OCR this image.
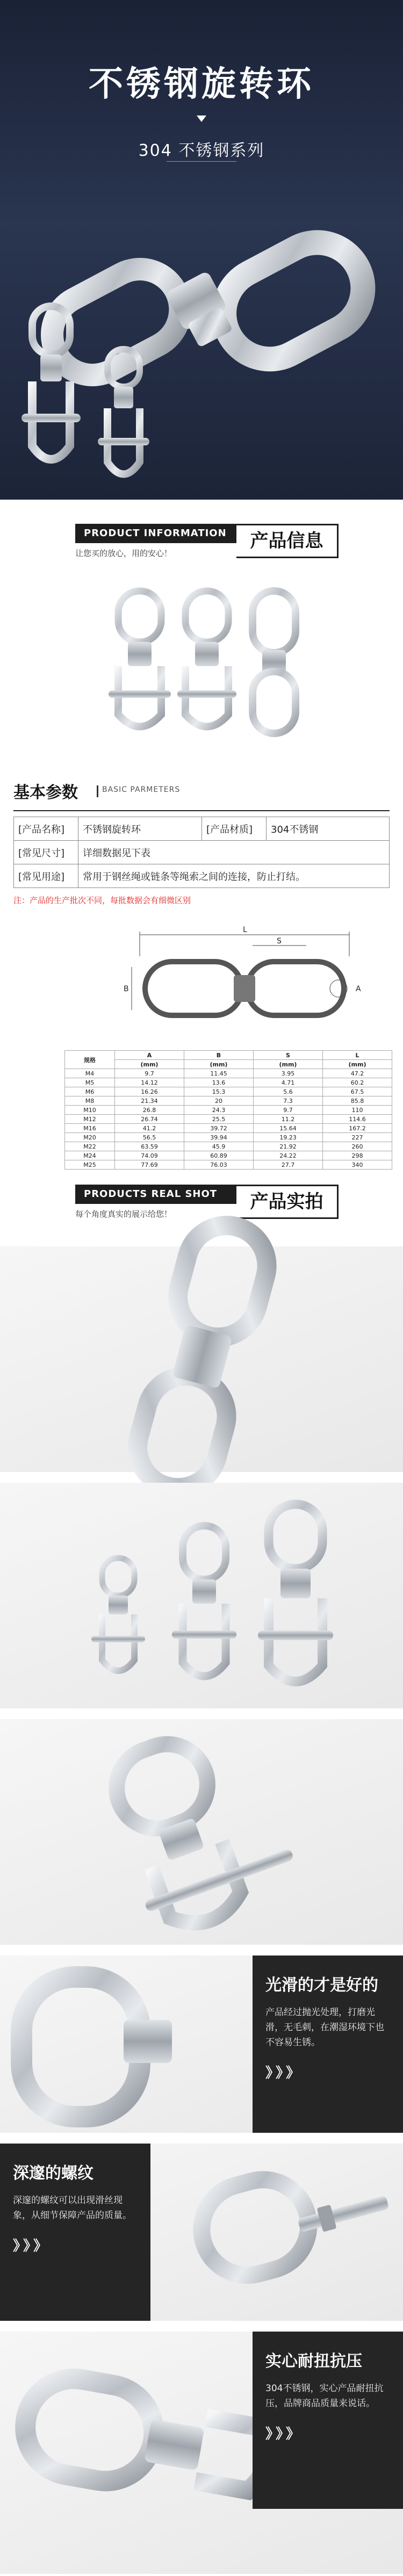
不锈钢旋转环
304 不锈钢系列
PRODUCT INFORMATION
让您买的放心，用的安心！
产品信息
基本参数	BASIC PARMETERS
[产品名称]	不锈钢旋转环	[产品材质]	304不锈钢
[常见尺寸]	详细数据见下表		
[常见用途]	常用于钢丝绳或链条等绳索之间的连接，防止打结。		
注：产品的生产批次不同，每批数据会有细微区别
L
S
B	A
规格	A	B	S	L
	(mm)	(mm)	(mm)	(mm)
M4	9.7	11.45	3.95	47.2
M5	14.12	13.6	4.71	60.2
M6	16.26	15.3	5.6	67.5
M8	21.34	20	7.3	85.8
M10	26.8	24.3	9.7	110
M12	26.74	25.5	11.2	114.6
M16	41.2	39.72	15.64	167.2
M20	56.5	39.94	19.23	227
M22	63.59	45.9	21.92	260
M24	74.09	60.89	24.22	298
M25	77.69	76.03	27.7	340
PRODUCTS REAL SHOT
每个角度真实的展示给您！
产品实拍
光滑的才是好的
产品经过抛光处理，打磨光滑，无毛刺，在潮湿环境下也不容易生锈。
》》》
深邃的螺纹
深邃的螺纹可以出现滑丝现象，从细节保障产品的质量。
》》》
实心耐扭抗压
304不锈钢，实心产品耐扭抗压，品牌商品质量来说话。
》》》
